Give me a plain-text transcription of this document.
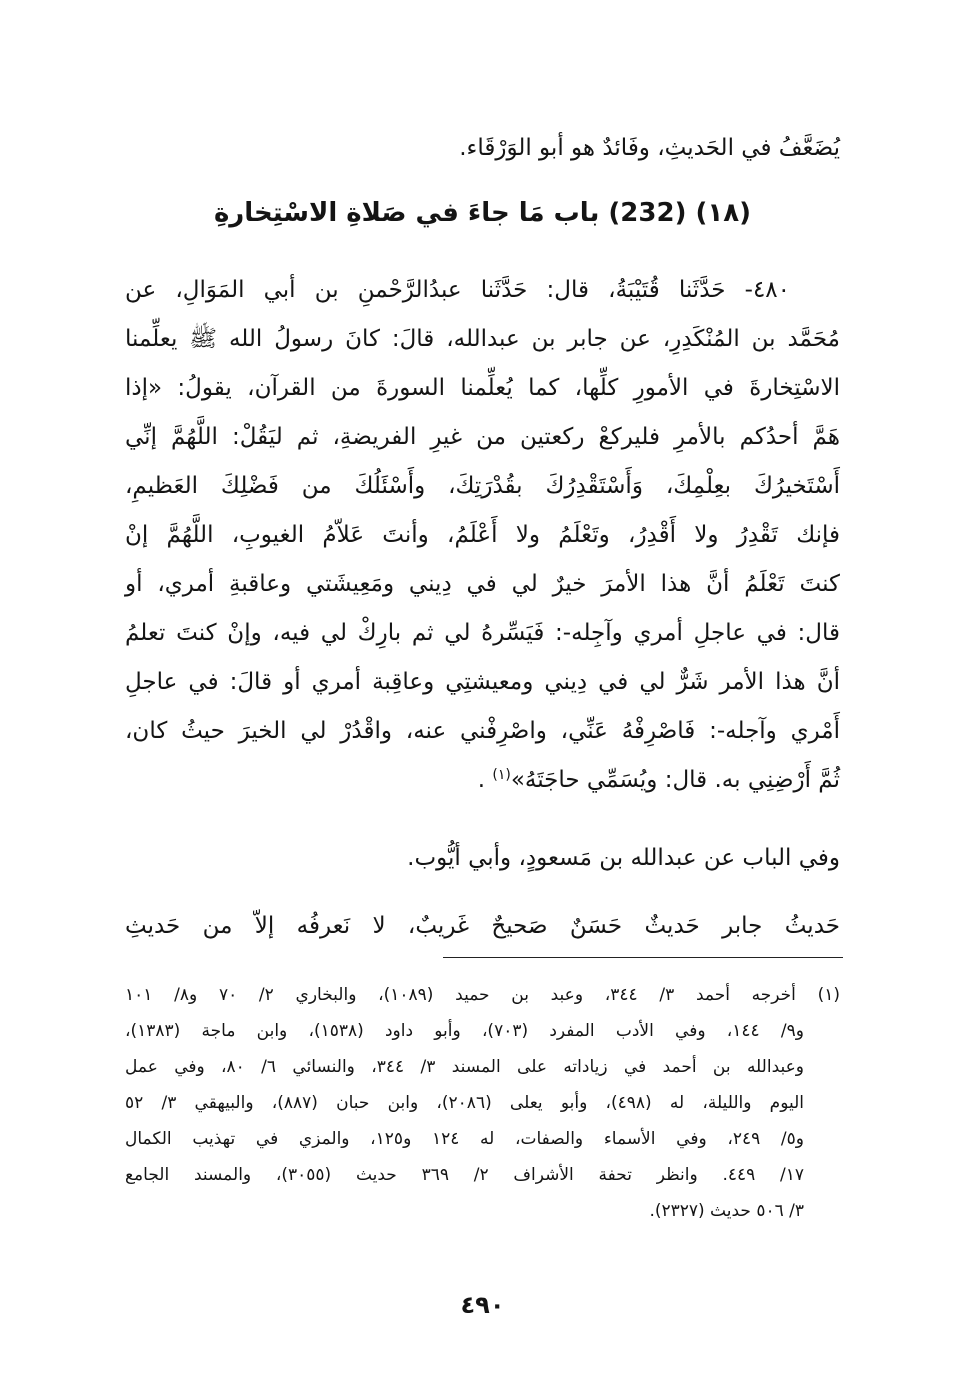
يُضَعَّفُ في الحَديثِ، وفَائدٌ هو أبو الوَرْقَاء.
(١٨) (232) باب مَا جاءَ في صَلاةِ الاسْتِخارةِ
٤٨٠- حَدَّثَنا قُتَيْبَةُ، قال: حَدَّثَنا عبدُالرَّحْمنِ بن أبي المَوَالِ، عن
مُحَمَّد بن المُنْكَدِرِ، عن جابر بن عبدالله، قالَ: كانَ رسولُ الله ﷺ يعلِّمنا
الاسْتِخارةَ في الأمورِ كلِّها، كما يُعلِّمنا السورةَ من القرآن، يقولُ: «إذا
هَمَّ أحدُكم بالأمرِ فليركعْ ركعتين من غيرِ الفريضةِ، ثم ليَقُلْ: اللَّهُمَّ إنِّي
أَسْتَخيرُكَ بعِلْمِكَ، وَأَسْتَقْدِرُكَ بقُدْرَتِكَ، وأَسْئَلُكَ من فَضْلِكَ العَظيمِ،
فإنك تَقْدِرُ ولا أَقْدِرُ، وتَعْلَمُ ولا أَعْلَمُ، وأنتَ عَلاّمُ الغيوبِ، اللَّهُمَّ إنْ
كنتَ تَعْلَمُ أنَّ هذا الأمرَ خيرٌ لي في دِيني ومَعِيشَتي وعاقبةِ أمري، أو
قال: في عاجلِ أمري وآجِله-: فَيَسِّرهُ لي ثم بارِكْ لي فيه، وإنْ كنتَ تعلمُ
أنَّ هذا الأمر شَرٌّ لي في دِيني ومعيشتِي وعاقِبة أمري أو قالَ: في عاجلِ
أَمْري وآجله-: فَاصْرِفْهُ عَنِّي، واصْرِفْني عنه، واقْدُرْ لي الخيرَ حيثُ كان،
ثُمَّ أَرْضِنِي به. قال: ويُسَمِّي حاجَتَهُ»$^{(١)}$ .
وفي الباب عن عبدالله بن مَسعودٍ، وأبي أيُّوب.
حَديثُ جابر حَديثٌ حَسَنٌ صَحيحٌ غَريبٌ، لا نَعرفُه إلاّ من حَديثِ
(١) أخرجه أحمد ٣/ ٣٤٤، وعبد بن حميد (١٠٨٩)، والبخاري ٢/ ٧٠ و٨/ ١٠١
و٩/ ١٤٤، وفي الأدب المفرد (٧٠٣)، وأبو داود (١٥٣٨)، وابن ماجة (١٣٨٣)،
وعبدالله بن أحمد في زياداته على المسند ٣/ ٣٤٤، والنسائي ٦/ ٨٠، وفي عمل
اليوم والليلة، له (٤٩٨)، وأبو يعلى (٢٠٨٦)، وابن حبان (٨٨٧)، والبيهقي ٣/ ٥٢
و٥/ ٢٤٩، وفي الأسماء والصفات، له ١٢٤ و١٢٥، والمزي في تهذيب الكمال
١٧/ ٤٤٩. وانظر تحفة الأشراف ٢/ ٣٦٩ حديث (٣٠٥٥)، والمسند الجامع
٣/ ٥٠٦ حديث (٢٣٢٧).
٤٩٠
